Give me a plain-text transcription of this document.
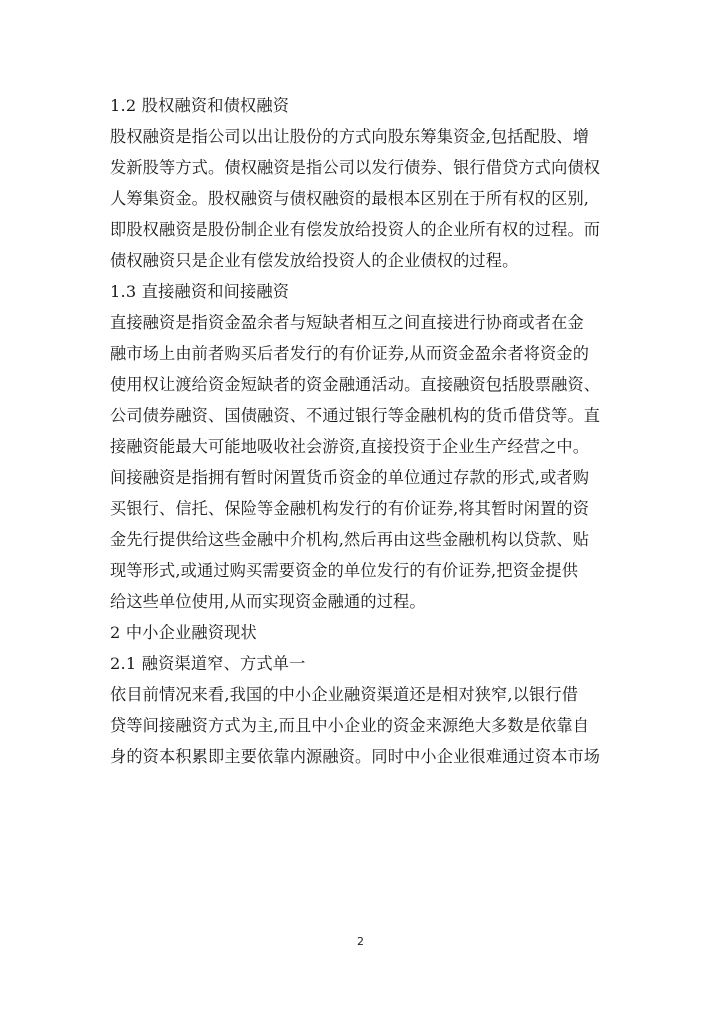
1.2 股权融资和债权融资
股权融资是指公司以出让股份的方式向股东筹集资金,包括配股、增
发新股等方式。债权融资是指公司以发行债券、银行借贷方式向债权
人筹集资金。股权融资与债权融资的最根本区别在于所有权的区别,
即股权融资是股份制企业有偿发放给投资人的企业所有权的过程。而
债权融资只是企业有偿发放给投资人的企业债权的过程。
1.3 直接融资和间接融资
直接融资是指资金盈余者与短缺者相互之间直接进行协商或者在金
融市场上由前者购买后者发行的有价证券,从而资金盈余者将资金的
使用权让渡给资金短缺者的资金融通活动。直接融资包括股票融资、
公司债券融资、国债融资、不通过银行等金融机构的货币借贷等。直
接融资能最大可能地吸收社会游资,直接投资于企业生产经营之中。
间接融资是指拥有暂时闲置货币资金的单位通过存款的形式,或者购
买银行、信托、保险等金融机构发行的有价证券,将其暂时闲置的资
金先行提供给这些金融中介机构,然后再由这些金融机构以贷款、贴
现等形式,或通过购买需要资金的单位发行的有价证券,把资金提供
给这些单位使用,从而实现资金融通的过程。
2 中小企业融资现状
2.1 融资渠道窄、方式单一
依目前情况来看,我国的中小企业融资渠道还是相对狭窄,以银行借
贷等间接融资方式为主,而且中小企业的资金来源绝大多数是依靠自
身的资本积累即主要依靠内源融资。同时中小企业很难通过资本市场
2
